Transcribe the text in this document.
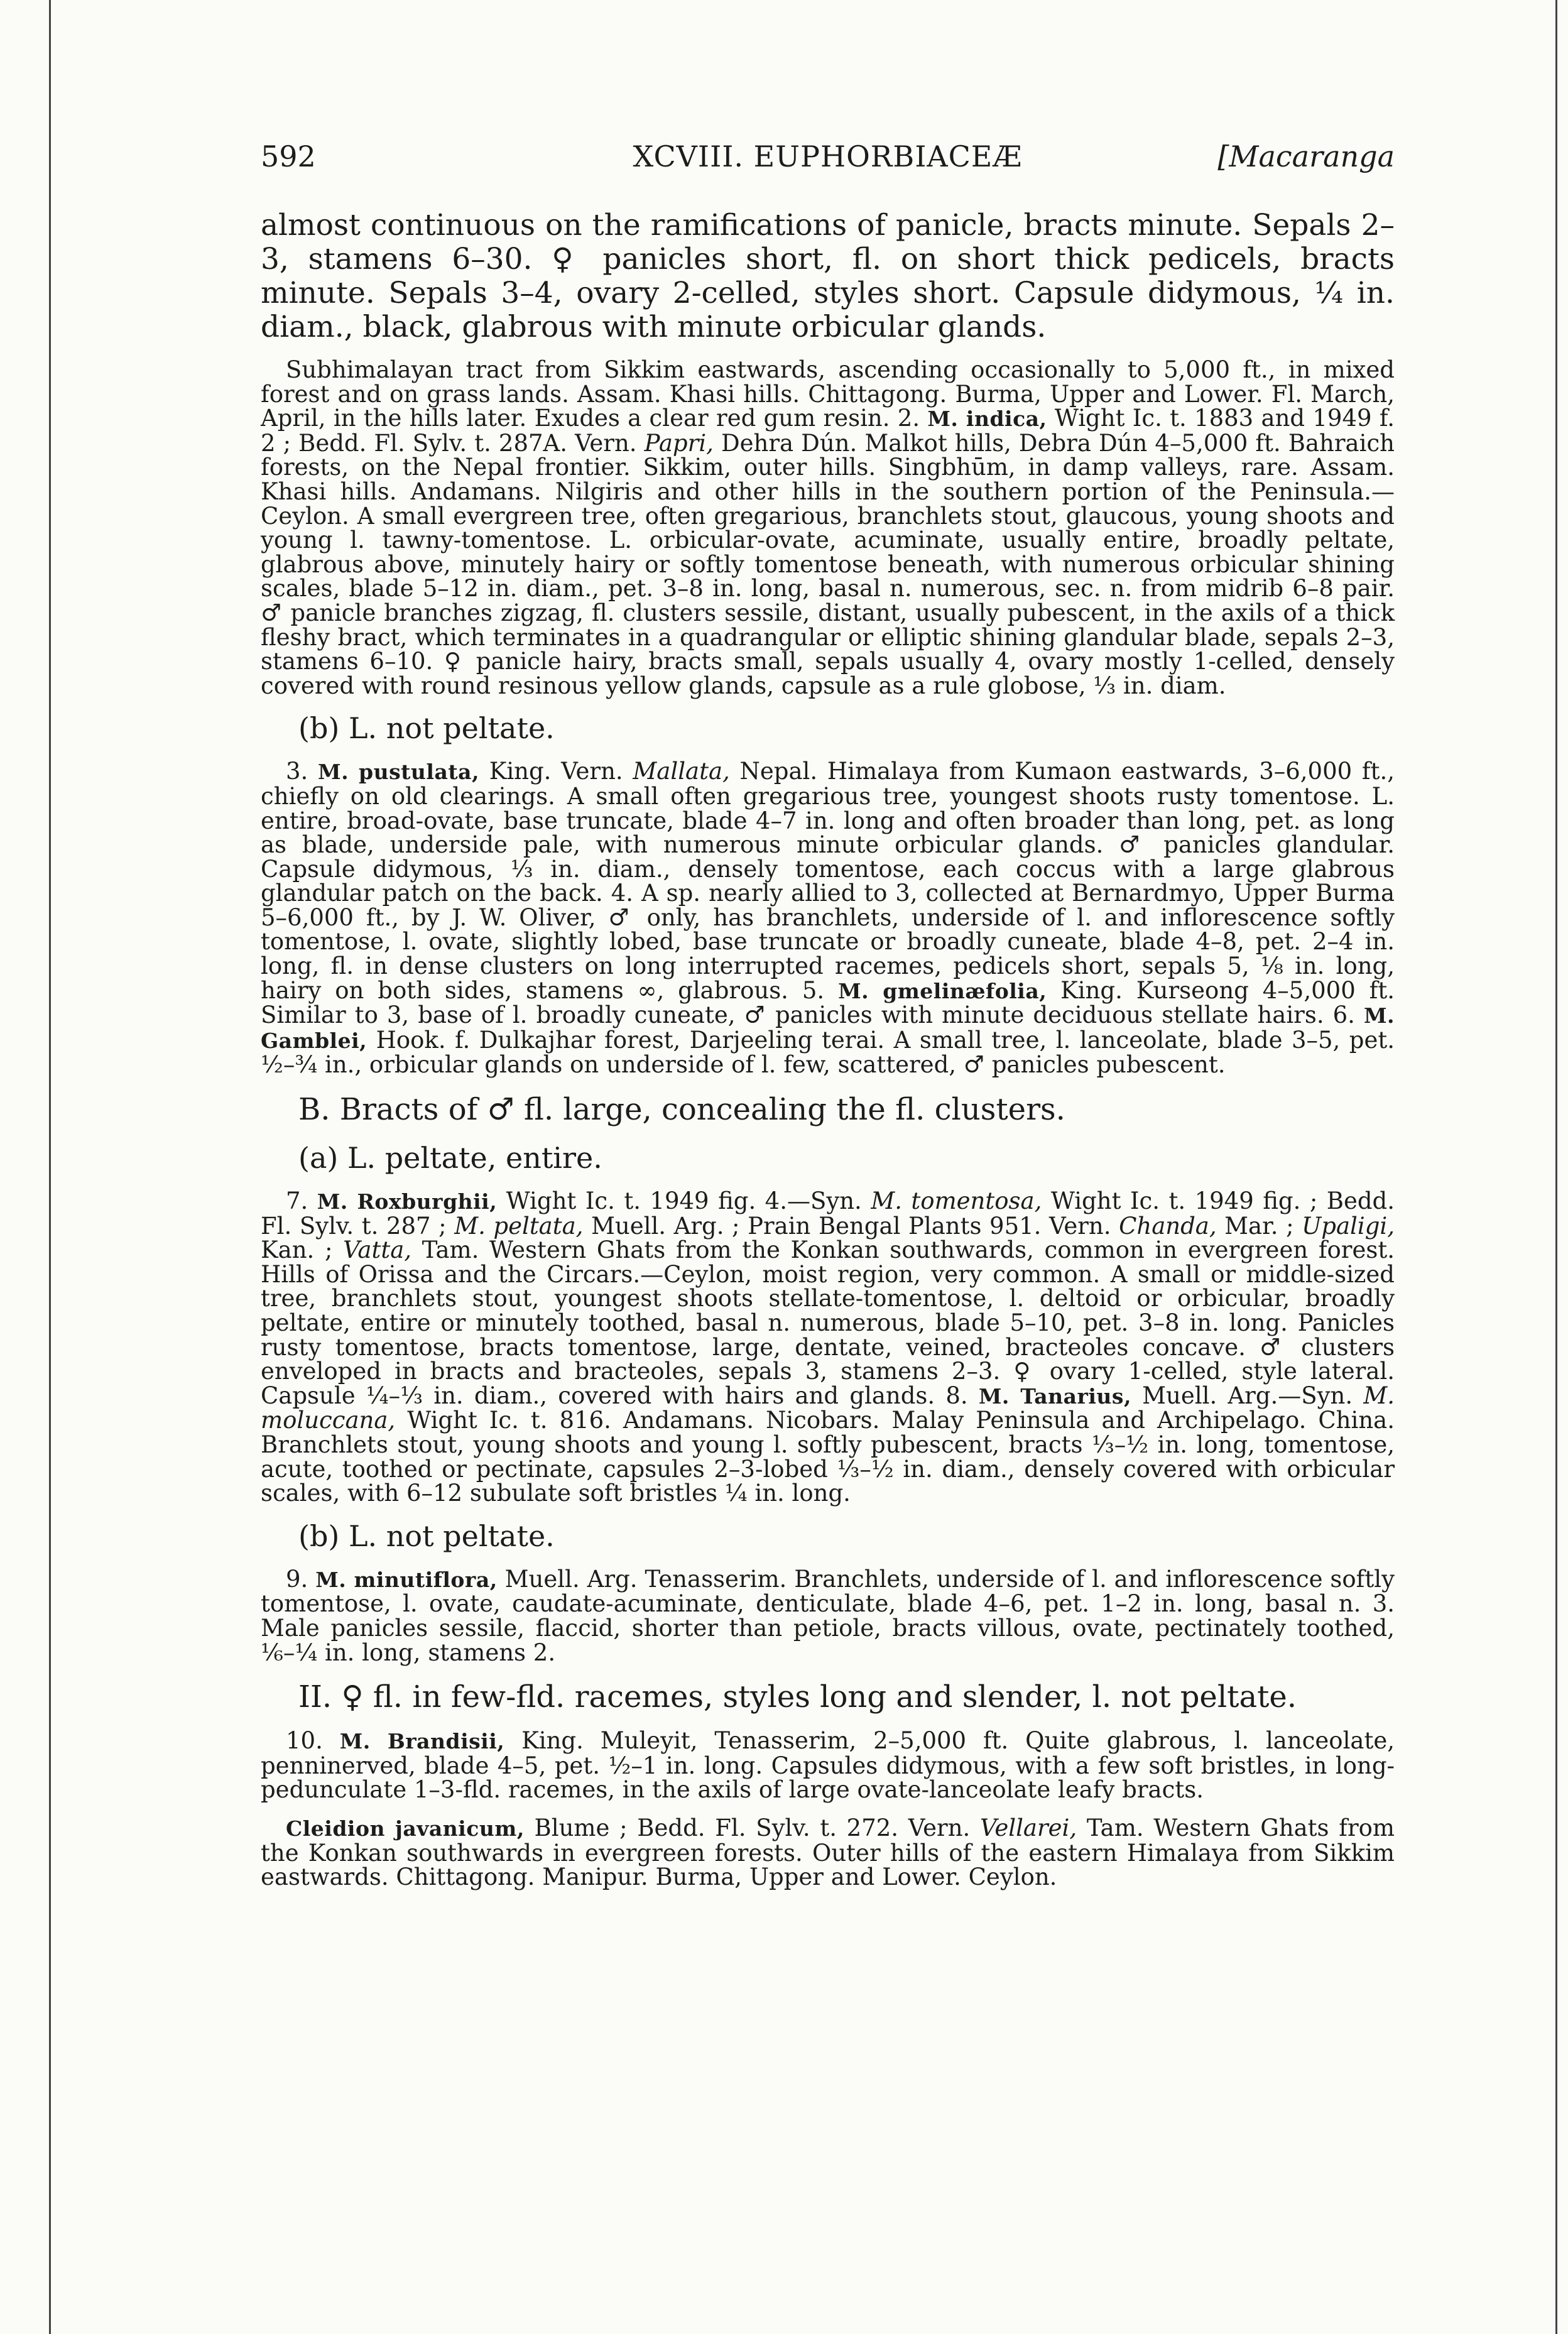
592	XCVIII. EUPHORBIACEÆ	[Macaranga

almost continuous on the ramifications of panicle, bracts minute. Sepals 2–3, stamens 6–30. ♀ panicles short, fl. on short thick pedicels, bracts minute. Sepals 3–4, ovary 2-celled, styles short. Capsule didymous, ¼ in. diam., black, glabrous with minute orbicular glands.

Subhimalayan tract from Sikkim eastwards, ascending occasionally to 5,000 ft., in mixed forest and on grass lands. Assam. Khasi hills. Chittagong. Burma, Upper and Lower. Fl. March, April, in the hills later. Exudes a clear red gum resin. 2. M. indica, Wight Ic. t. 1883 and 1949 f. 2 ; Bedd. Fl. Sylv. t. 287A. Vern. Papri, Dehra Dún. Malkot hills, Debra Dún 4–5,000 ft. Bahraich forests, on the Nepal frontier. Sikkim, outer hills. Singbhūm, in damp valleys, rare. Assam. Khasi hills. Andamans. Nilgiris and other hills in the southern portion of the Peninsula.—Ceylon. A small evergreen tree, often gregarious, branchlets stout, glaucous, young shoots and young l. tawny-tomentose. L. orbicular-ovate, acuminate, usually entire, broadly peltate, glabrous above, minutely hairy or softly tomentose beneath, with numerous orbicular shining scales, blade 5–12 in. diam., pet. 3–8 in. long, basal n. numerous, sec. n. from midrib 6–8 pair. ♂ panicle branches zigzag, fl. clusters sessile, distant, usually pubescent, in the axils of a thick fleshy bract, which terminates in a quadrangular or elliptic shining glandular blade, sepals 2–3, stamens 6–10. ♀ panicle hairy, bracts small, sepals usually 4, ovary mostly 1-celled, densely covered with round resinous yellow glands, capsule as a rule globose, ⅓ in. diam.

(b) L. not peltate.

3. M. pustulata, King. Vern. Mallata, Nepal. Himalaya from Kumaon eastwards, 3–6,000 ft., chiefly on old clearings. A small often gregarious tree, youngest shoots rusty tomentose. L. entire, broad-ovate, base truncate, blade 4–7 in. long and often broader than long, pet. as long as blade, underside pale, with numerous minute orbicular glands. ♂ panicles glandular. Capsule didymous, ⅓ in. diam., densely tomentose, each coccus with a large glabrous glandular patch on the back. 4. A sp. nearly allied to 3, collected at Bernardmyo, Upper Burma 5–6,000 ft., by J. W. Oliver, ♂ only, has branchlets, underside of l. and inflorescence softly tomentose, l. ovate, slightly lobed, base truncate or broadly cuneate, blade 4–8, pet. 2–4 in. long, fl. in dense clusters on long interrupted racemes, pedicels short, sepals 5, ⅛ in. long, hairy on both sides, stamens ∞, glabrous. 5. M. gmelinæfolia, King. Kurseong 4–5,000 ft. Similar to 3, base of l. broadly cuneate, ♂ panicles with minute deciduous stellate hairs. 6. M. Gamblei, Hook. f. Dulkajhar forest, Darjeeling terai. A small tree, l. lanceolate, blade 3–5, pet. ½–¾ in., orbicular glands on underside of l. few, scattered, ♂ panicles pubescent.

B. Bracts of ♂ fl. large, concealing the fl. clusters.

(a) L. peltate, entire.

7. M. Roxburghii, Wight Ic. t. 1949 fig. 4.—Syn. M. tomentosa, Wight Ic. t. 1949 fig. ; Bedd. Fl. Sylv. t. 287 ; M. peltata, Muell. Arg. ; Prain Bengal Plants 951. Vern. Chanda, Mar. ; Upaligi, Kan. ; Vatta, Tam. Western Ghats from the Konkan southwards, common in evergreen forest. Hills of Orissa and the Circars.—Ceylon, moist region, very common. A small or middle-sized tree, branchlets stout, youngest shoots stellate-tomentose, l. deltoid or orbicular, broadly peltate, entire or minutely toothed, basal n. numerous, blade 5–10, pet. 3–8 in. long. Panicles rusty tomentose, bracts tomentose, large, dentate, veined, bracteoles concave. ♂ clusters enveloped in bracts and bracteoles, sepals 3, stamens 2–3. ♀ ovary 1-celled, style lateral. Capsule ¼–⅓ in. diam., covered with hairs and glands. 8. M. Tanarius, Muell. Arg.—Syn. M. moluccana, Wight Ic. t. 816. Andamans. Nicobars. Malay Peninsula and Archipelago. China. Branchlets stout, young shoots and young l. softly pubescent, bracts ⅓–½ in. long, tomentose, acute, toothed or pectinate, capsules 2–3-lobed ⅓–½ in. diam., densely covered with orbicular scales, with 6–12 subulate soft bristles ¼ in. long.

(b) L. not peltate.

9. M. minutiflora, Muell. Arg. Tenasserim. Branchlets, underside of l. and inflorescence softly tomentose, l. ovate, caudate-acuminate, denticulate, blade 4–6, pet. 1–2 in. long, basal n. 3. Male panicles sessile, flaccid, shorter than petiole, bracts villous, ovate, pectinately toothed, ⅙–¼ in. long, stamens 2.

II. ♀ fl. in few-fld. racemes, styles long and slender, l. not peltate.

10. M. Brandisii, King. Muleyit, Tenasserim, 2–5,000 ft. Quite glabrous, l. lanceolate, penninerved, blade 4–5, pet. ½–1 in. long. Capsules didymous, with a few soft bristles, in long-pedunculate 1–3-fld. racemes, in the axils of large ovate-lanceolate leafy bracts.

Cleidion javanicum, Blume ; Bedd. Fl. Sylv. t. 272. Vern. Vellarei, Tam. Western Ghats from the Konkan southwards in evergreen forests. Outer hills of the eastern Himalaya from Sikkim eastwards. Chittagong. Manipur. Burma, Upper and Lower. Ceylon.
